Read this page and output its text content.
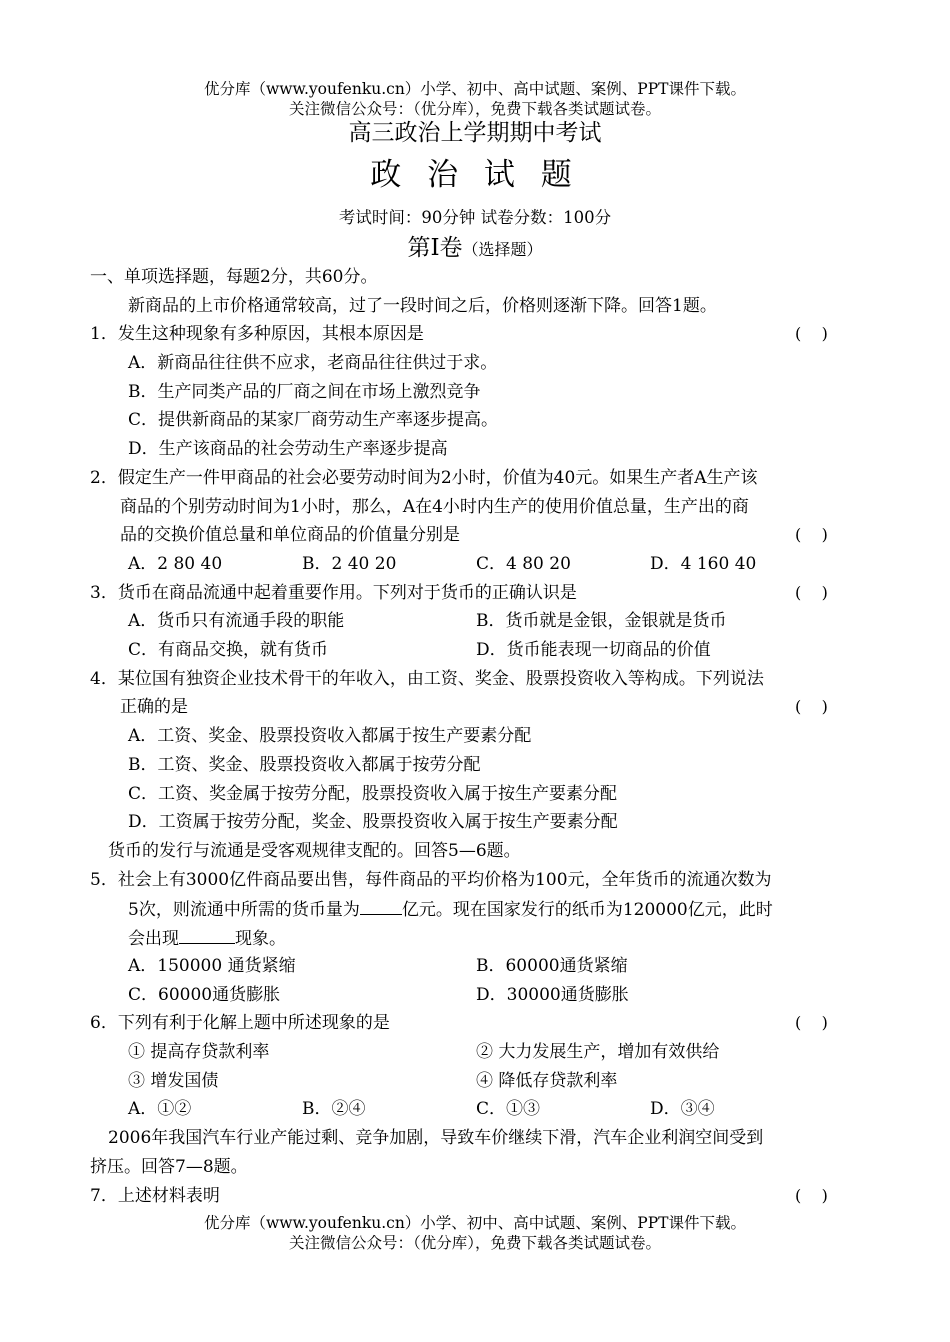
优分库（www.youfenku.cn）小学、初中、高中试题、案例、PPT课件下载。
关注微信公众号：（优分库），免费下载各类试题试卷。
高三政治上学期期中考试
政 治 试 题
考试时间：90分钟 试卷分数：100分
第Ⅰ卷（选择题）
一、单项选择题，每题2分，共60分。
新商品的上市价格通常较高，过了一段时间之后，价格则逐渐下降。回答1题。
1．发生这种现象有多种原因，其根本原因是	(    )
A．新商品往往供不应求，老商品往往供过于求。
B．生产同类产品的厂商之间在市场上激烈竞争
C．提供新商品的某家厂商劳动生产率逐步提高。
D．生产该商品的社会劳动生产率逐步提高
2．假定生产一件甲商品的社会必要劳动时间为2小时，价值为40元。如果生产者A生产该
商品的个别劳动时间为1小时，那么，A在4小时内生产的使用价值总量，生产出的商
品的交换价值总量和单位商品的价值量分别是	(    )
A．2 80 40	B．2 40 20	C．4 80 20	D．4 160 40
3．货币在商品流通中起着重要作用。下列对于货币的正确认识是	(    )
A．货币只有流通手段的职能	B．货币就是金银，金银就是货币
C．有商品交换，就有货币	D．货币能表现一切商品的价值
4．某位国有独资企业技术骨干的年收入，由工资、奖金、股票投资收入等构成。下列说法
正确的是	(    )
A．工资、奖金、股票投资收入都属于按生产要素分配
B．工资、奖金、股票投资收入都属于按劳分配
C．工资、奖金属于按劳分配，股票投资收入属于按生产要素分配
D．工资属于按劳分配，奖金、股票投资收入属于按生产要素分配
货币的发行与流通是受客观规律支配的。回答5—6题。
5．社会上有3000亿件商品要出售，每件商品的平均价格为100元，全年货币的流通次数为
5次，则流通中所需的货币量为 亿元。现在国家发行的纸币为120000亿元，此时
会出现	现象。
A．150000 通货紧缩	B．60000通货紧缩
C．60000通货膨胀	D．30000通货膨胀
6．下列有利于化解上题中所述现象的是	(    )
① 提高存贷款利率	② 大力发展生产，增加有效供给
③ 增发国债	④ 降低存贷款利率
A．①②	B．②④	C．①③	D．③④
2006年我国汽车行业产能过剩、竞争加剧，导致车价继续下滑，汽车企业利润空间受到
挤压。回答7—8题。
7．上述材料表明	(    )
优分库（www.youfenku.cn）小学、初中、高中试题、案例、PPT课件下载。
关注微信公众号：（优分库），免费下载各类试题试卷。
